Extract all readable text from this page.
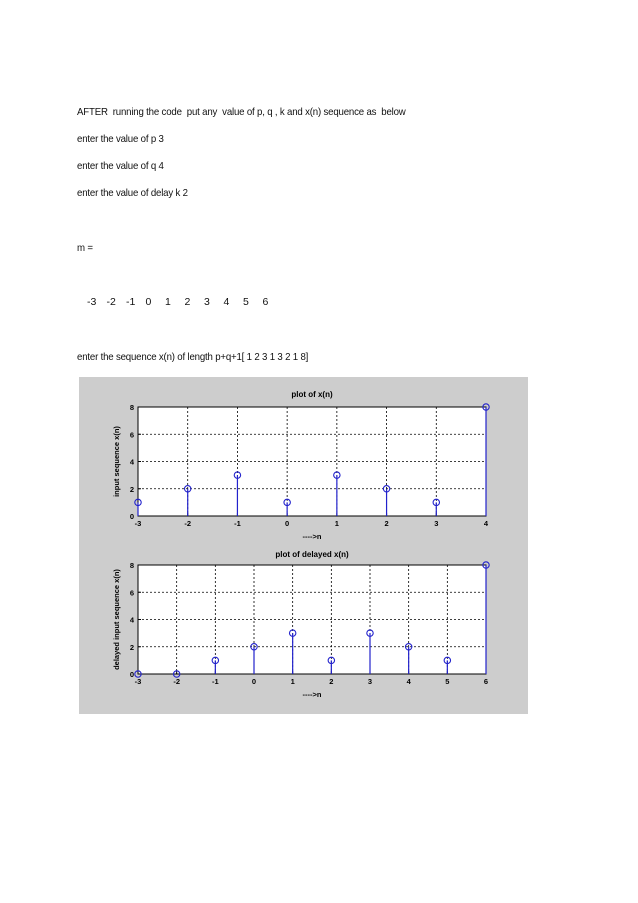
AFTER  running the code  put any  value of p, q , k and x(n) sequence as  below
enter the value of p 3
enter the value of q 4
enter the value of delay k 2
m =
-3 -2 -1 0	1	2	3	4	5	6
enter the sequence x(n) of length p+q+1[ 1 2 3 1 3 2 1 8]
-3	-2	-1	0	1	2	3	4
0
2
4
6
8
plot of x(n)
---->n
input sequence x(n)
-3	-2	-1	0	1	2	3	4	5	6
0
2
4
6
8
plot of delayed x(n)
---->n
delayed input sequence x(n)
